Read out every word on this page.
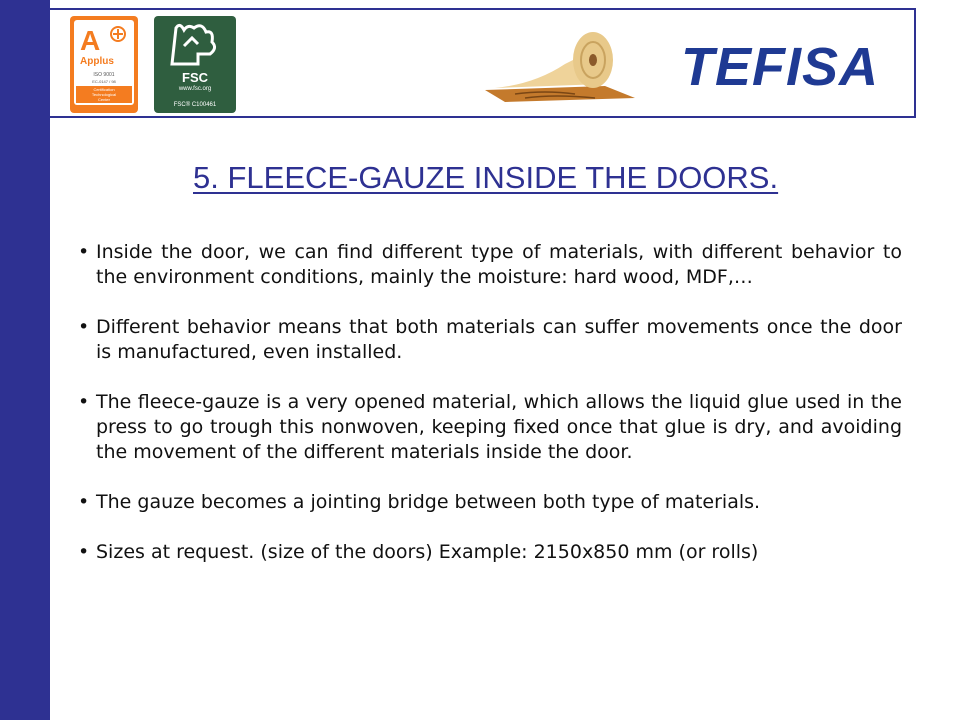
A
Applus
ISO 9001
EC-0147 / 98
Certification
Technological
Center
FSC
www.fsc.org
FSC® C100461
TEFISA
5. FLEECE-GAUZE INSIDE THE DOORS.
• Inside the door, we can find different type of materials, with different behavior to the environment conditions, mainly the moisture: hard wood, MDF,…
• Different behavior means that both materials can suffer movements once the door is manufactured, even installed.
• The fleece-gauze is a very opened material, which allows the liquid glue used in the press to go trough this nonwoven, keeping fixed once that glue is dry, and avoiding the movement of the different materials inside the door.
• The gauze becomes a jointing bridge between both type of materials.
• Sizes at request. (size of the doors) Example: 2150x850 mm (or rolls)
